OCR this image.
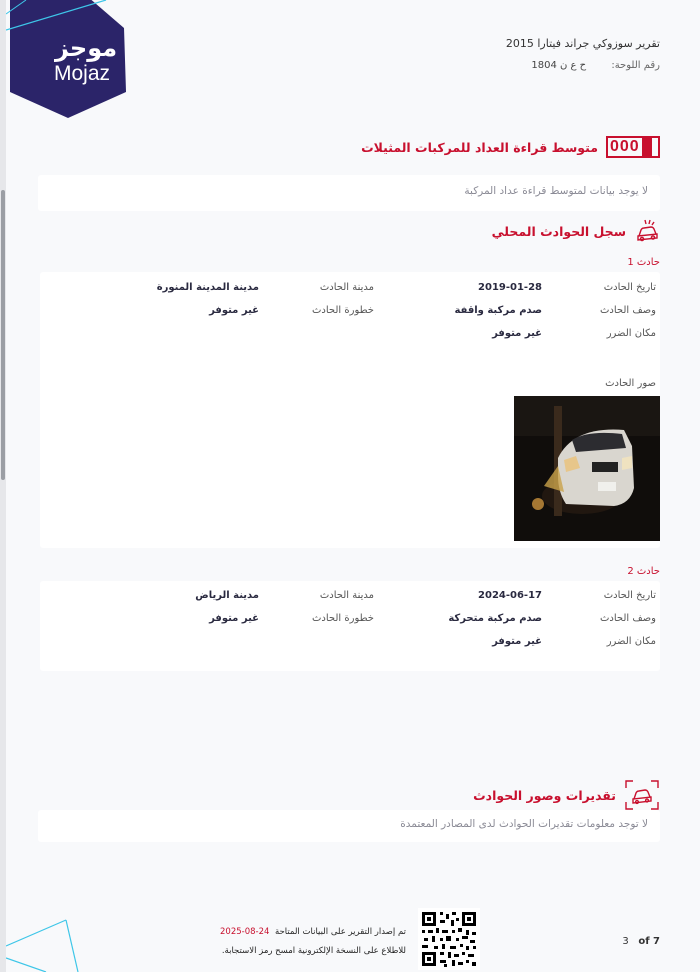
موجز
Mojaz
تقرير سوزوكي جراند فيتارا 2015
رقم اللوحة: ح ع ن 1804
000
متوسط قراءة العداد للمركبات المثيلات
لا يوجد بيانات لمتوسط قراءة عداد المركبة
سجل الحوادث المحلي
حادث 1
تاريخ الحادث
2019-01-28
مدينة الحادث
مدينة المدينة المنورة
وصف الحادث
صدم مركبة واقفة
خطورة الحادث
غير متوفر
مكان الضرر
غير متوفر
صور الحادث
حادث 2
تاريخ الحادث
2024-06-17
مدينة الحادث
مدينة الرياض
وصف الحادث
صدم مركبة متحركة
خطورة الحادث
غير متوفر
مكان الضرر
غير متوفر
تقديرات وصور الحوادث
لا توجد معلومات تقديرات الحوادث لدى المصادر المعتمدة
تم إصدار التقرير على البيانات المتاحة
2025-08-24
للاطلاع على النسخة الإلكترونية امسح رمز الاستجابة.
3 of 7
